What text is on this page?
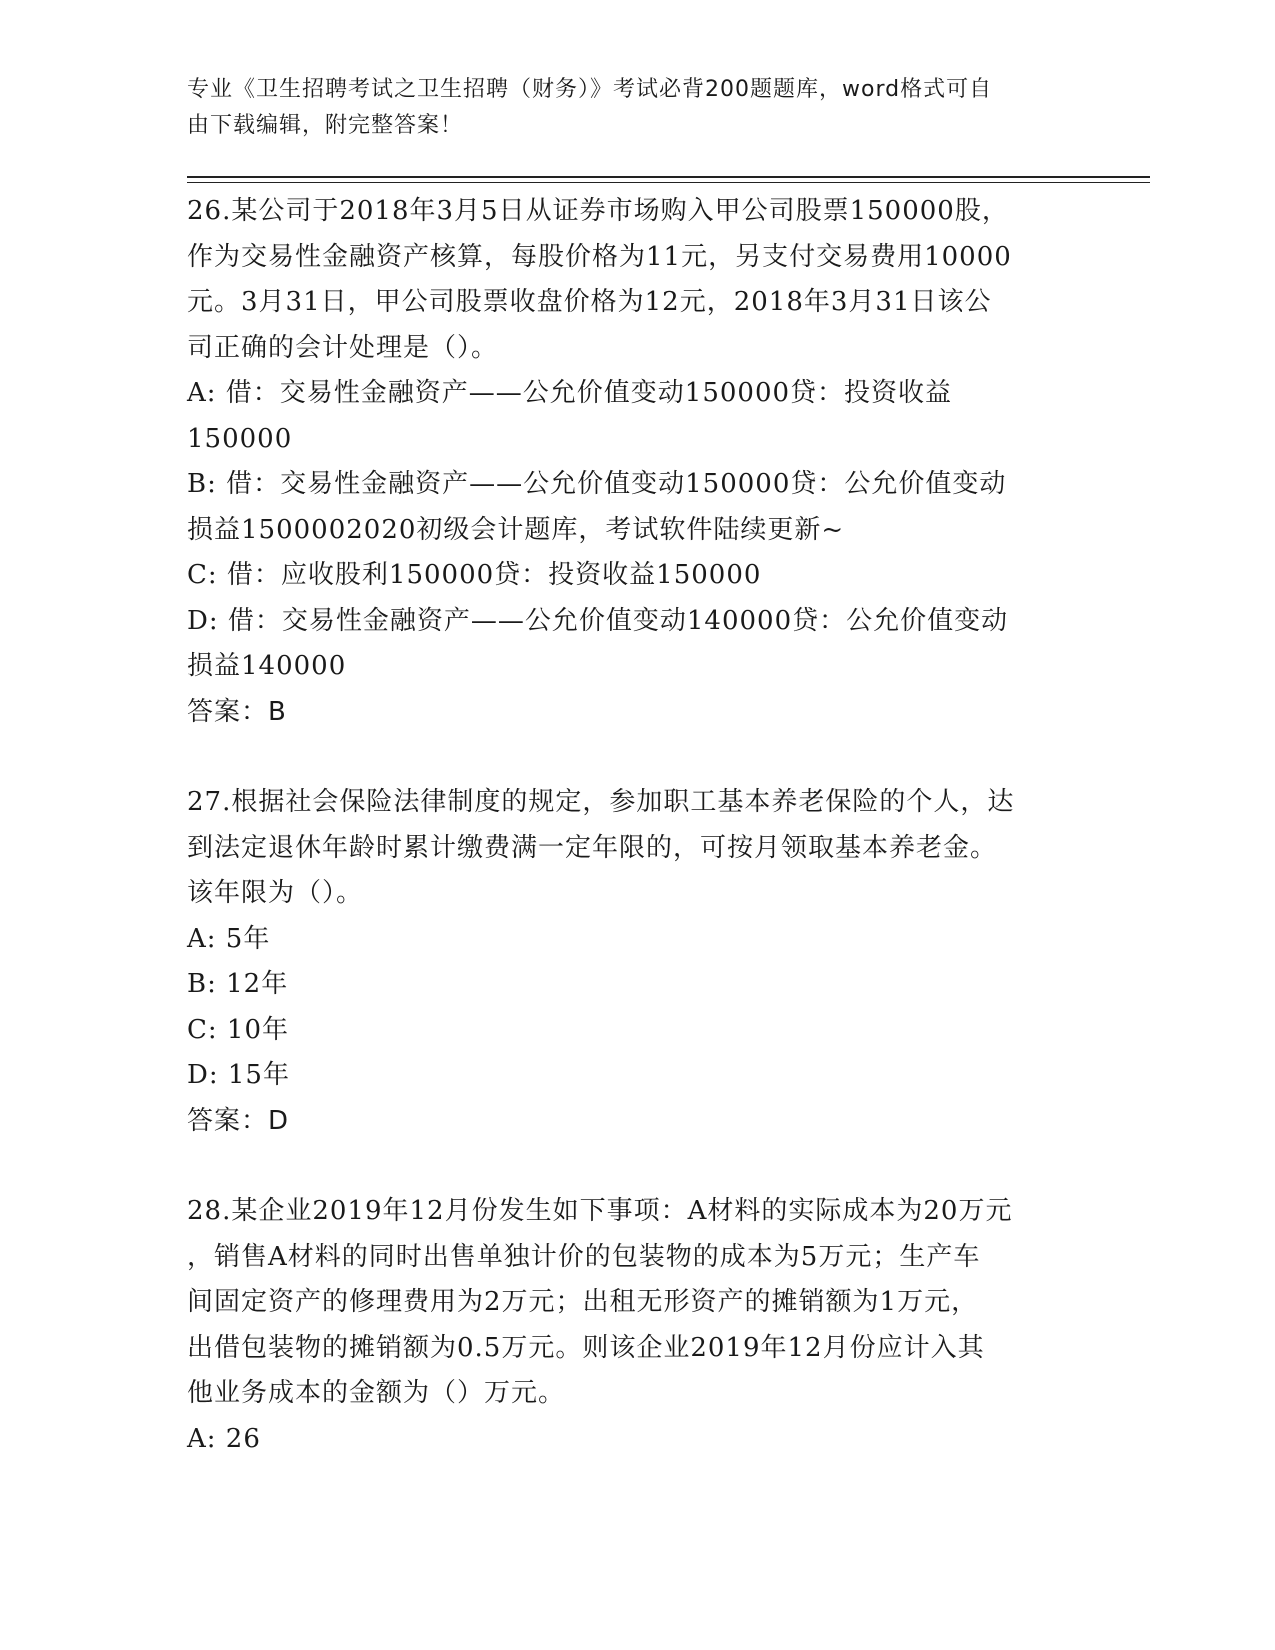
专业《卫生招聘考试之卫生招聘（财务）》考试必背200题题库，word格式可自
由下载编辑，附完整答案！

26.某公司于2018年3月5日从证券市场购入甲公司股票150000股，

作为交易性金融资产核算，每股价格为11元，另支付交易费用10000

元。3月31日，甲公司股票收盘价格为12元，2018年3月31日该公

司正确的会计处理是（）。

A: 借：交易性金融资产——公允价值变动150000贷：投资收益

150000

B: 借：交易性金融资产——公允价值变动150000贷：公允价值变动

损益1500002020初级会计题库，考试软件陆续更新~

C: 借：应收股利150000贷：投资收益150000

D: 借：交易性金融资产——公允价值变动140000贷：公允价值变动

损益140000

答案：B

27.根据社会保险法律制度的规定，参加职工基本养老保险的个人，达

到法定退休年龄时累计缴费满一定年限的，可按月领取基本养老金。

该年限为（）。

A: 5年

B: 12年

C: 10年

D: 15年

答案：D

28.某企业2019年12月份发生如下事项：A材料的实际成本为20万元

，销售A材料的同时出售单独计价的包装物的成本为5万元；生产车

间固定资产的修理费用为2万元；出租无形资产的摊销额为1万元，

出借包装物的摊销额为0.5万元。则该企业2019年12月份应计入其

他业务成本的金额为（）万元。

A: 26
